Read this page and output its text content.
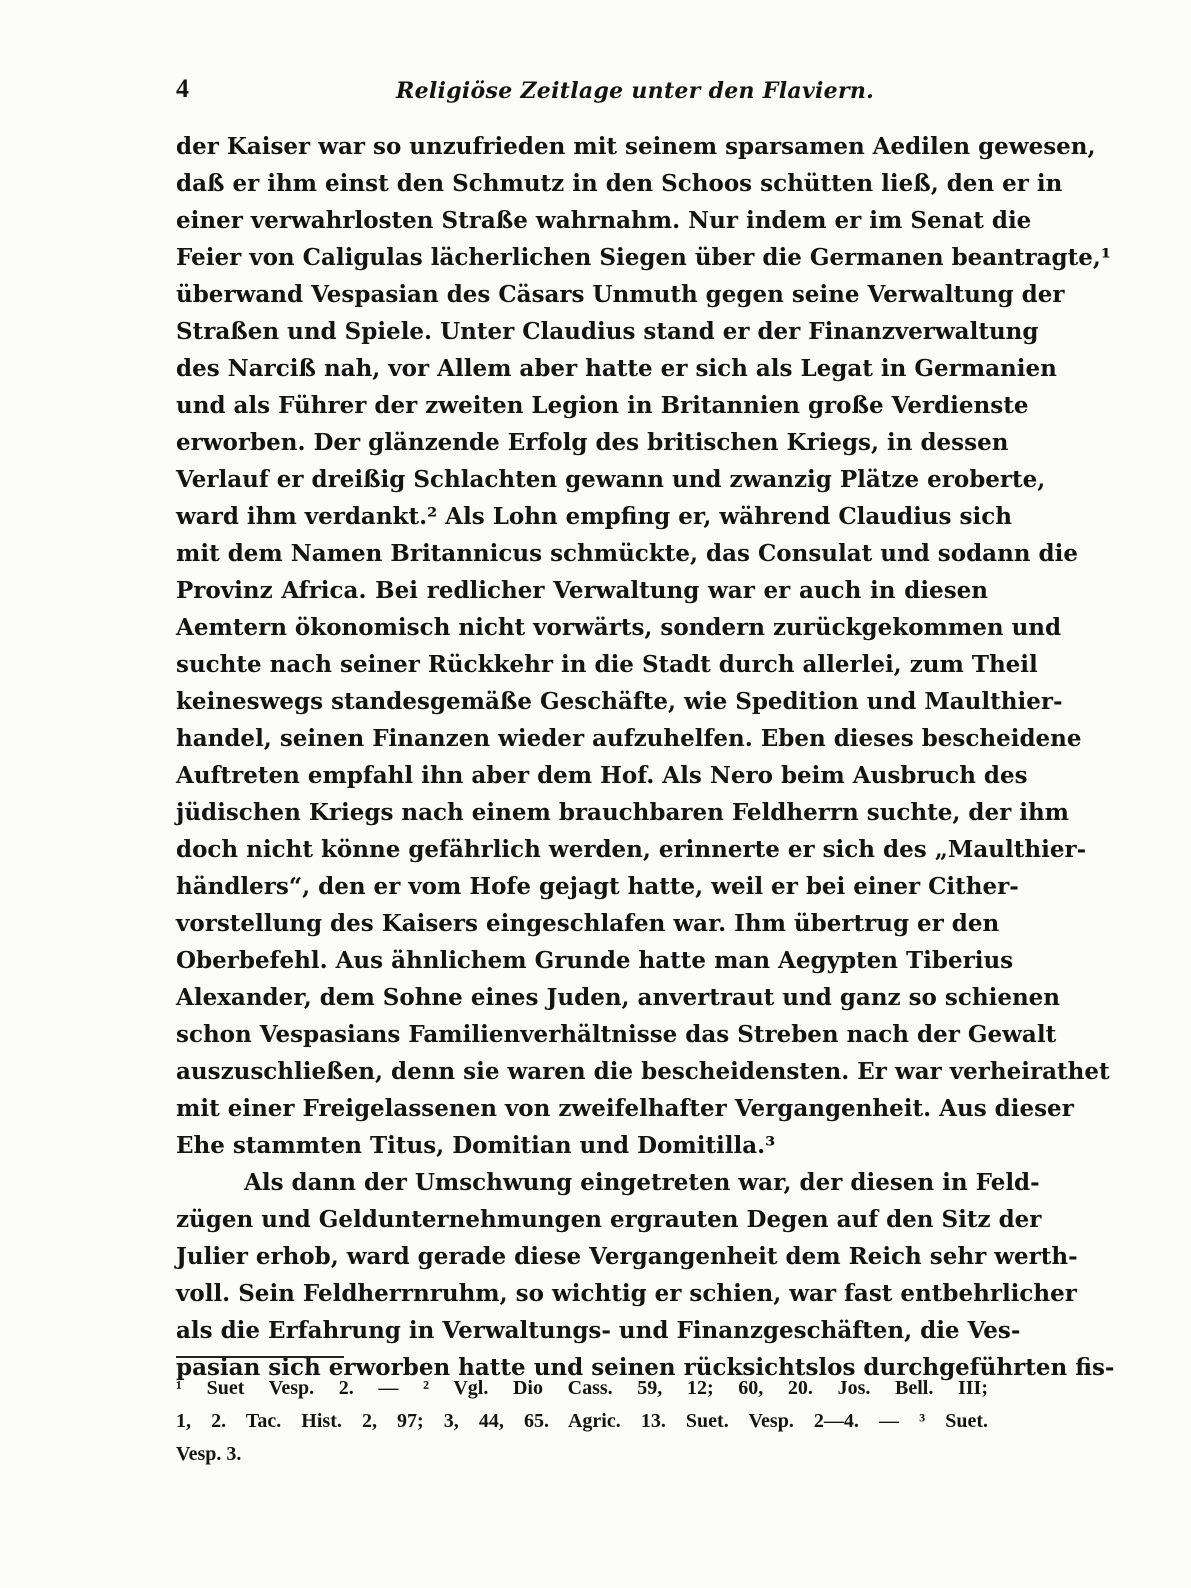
4	Religiöse Zeitlage unter den Flaviern.
der Kaiser war so unzufrieden mit seinem sparsamen Aedilen gewesen,
daß er ihm einst den Schmutz in den Schoos schütten ließ, den er in
einer verwahrlosten Straße wahrnahm. Nur indem er im Senat die
Feier von Caligulas lächerlichen Siegen über die Germanen beantragte,¹
überwand Vespasian des Cäsars Unmuth gegen seine Verwaltung der
Straßen und Spiele. Unter Claudius stand er der Finanzverwaltung
des Narciß nah, vor Allem aber hatte er sich als Legat in Germanien
und als Führer der zweiten Legion in Britannien große Verdienste
erworben. Der glänzende Erfolg des britischen Kriegs, in dessen
Verlauf er dreißig Schlachten gewann und zwanzig Plätze eroberte,
ward ihm verdankt.² Als Lohn empfing er, während Claudius sich
mit dem Namen Britannicus schmückte, das Consulat und sodann die
Provinz Africa. Bei redlicher Verwaltung war er auch in diesen
Aemtern ökonomisch nicht vorwärts, sondern zurückgekommen und
suchte nach seiner Rückkehr in die Stadt durch allerlei, zum Theil
keineswegs standesgemäße Geschäfte, wie Spedition und Maulthier-
handel, seinen Finanzen wieder aufzuhelfen. Eben dieses bescheidene
Auftreten empfahl ihn aber dem Hof. Als Nero beim Ausbruch des
jüdischen Kriegs nach einem brauchbaren Feldherrn suchte, der ihm
doch nicht könne gefährlich werden, erinnerte er sich des „Maulthier-
händlers“, den er vom Hofe gejagt hatte, weil er bei einer Cither-
vorstellung des Kaisers eingeschlafen war. Ihm übertrug er den
Oberbefehl. Aus ähnlichem Grunde hatte man Aegypten Tiberius
Alexander, dem Sohne eines Juden, anvertraut und ganz so schienen
schon Vespasians Familienverhältnisse das Streben nach der Gewalt
auszuschließen, denn sie waren die bescheidensten. Er war verheirathet
mit einer Freigelassenen von zweifelhafter Vergangenheit. Aus dieser
Ehe stammten Titus, Domitian und Domitilla.³
Als dann der Umschwung eingetreten war, der diesen in Feld-
zügen und Geldunternehmungen ergrauten Degen auf den Sitz der
Julier erhob, ward gerade diese Vergangenheit dem Reich sehr werth-
voll. Sein Feldherrnruhm, so wichtig er schien, war fast entbehrlicher
als die Erfahrung in Verwaltungs- und Finanzgeschäften, die Ves-
pasian sich erworben hatte und seinen rücksichtslos durchgeführten fis-
¹ Suet Vesp. 2. — ² Vgl. Dio Cass. 59, 12; 60, 20. Jos. Bell. III;
1, 2. Tac. Hist. 2, 97; 3, 44, 65. Agric. 13. Suet. Vesp. 2—4. — ³ Suet.
Vesp. 3.
